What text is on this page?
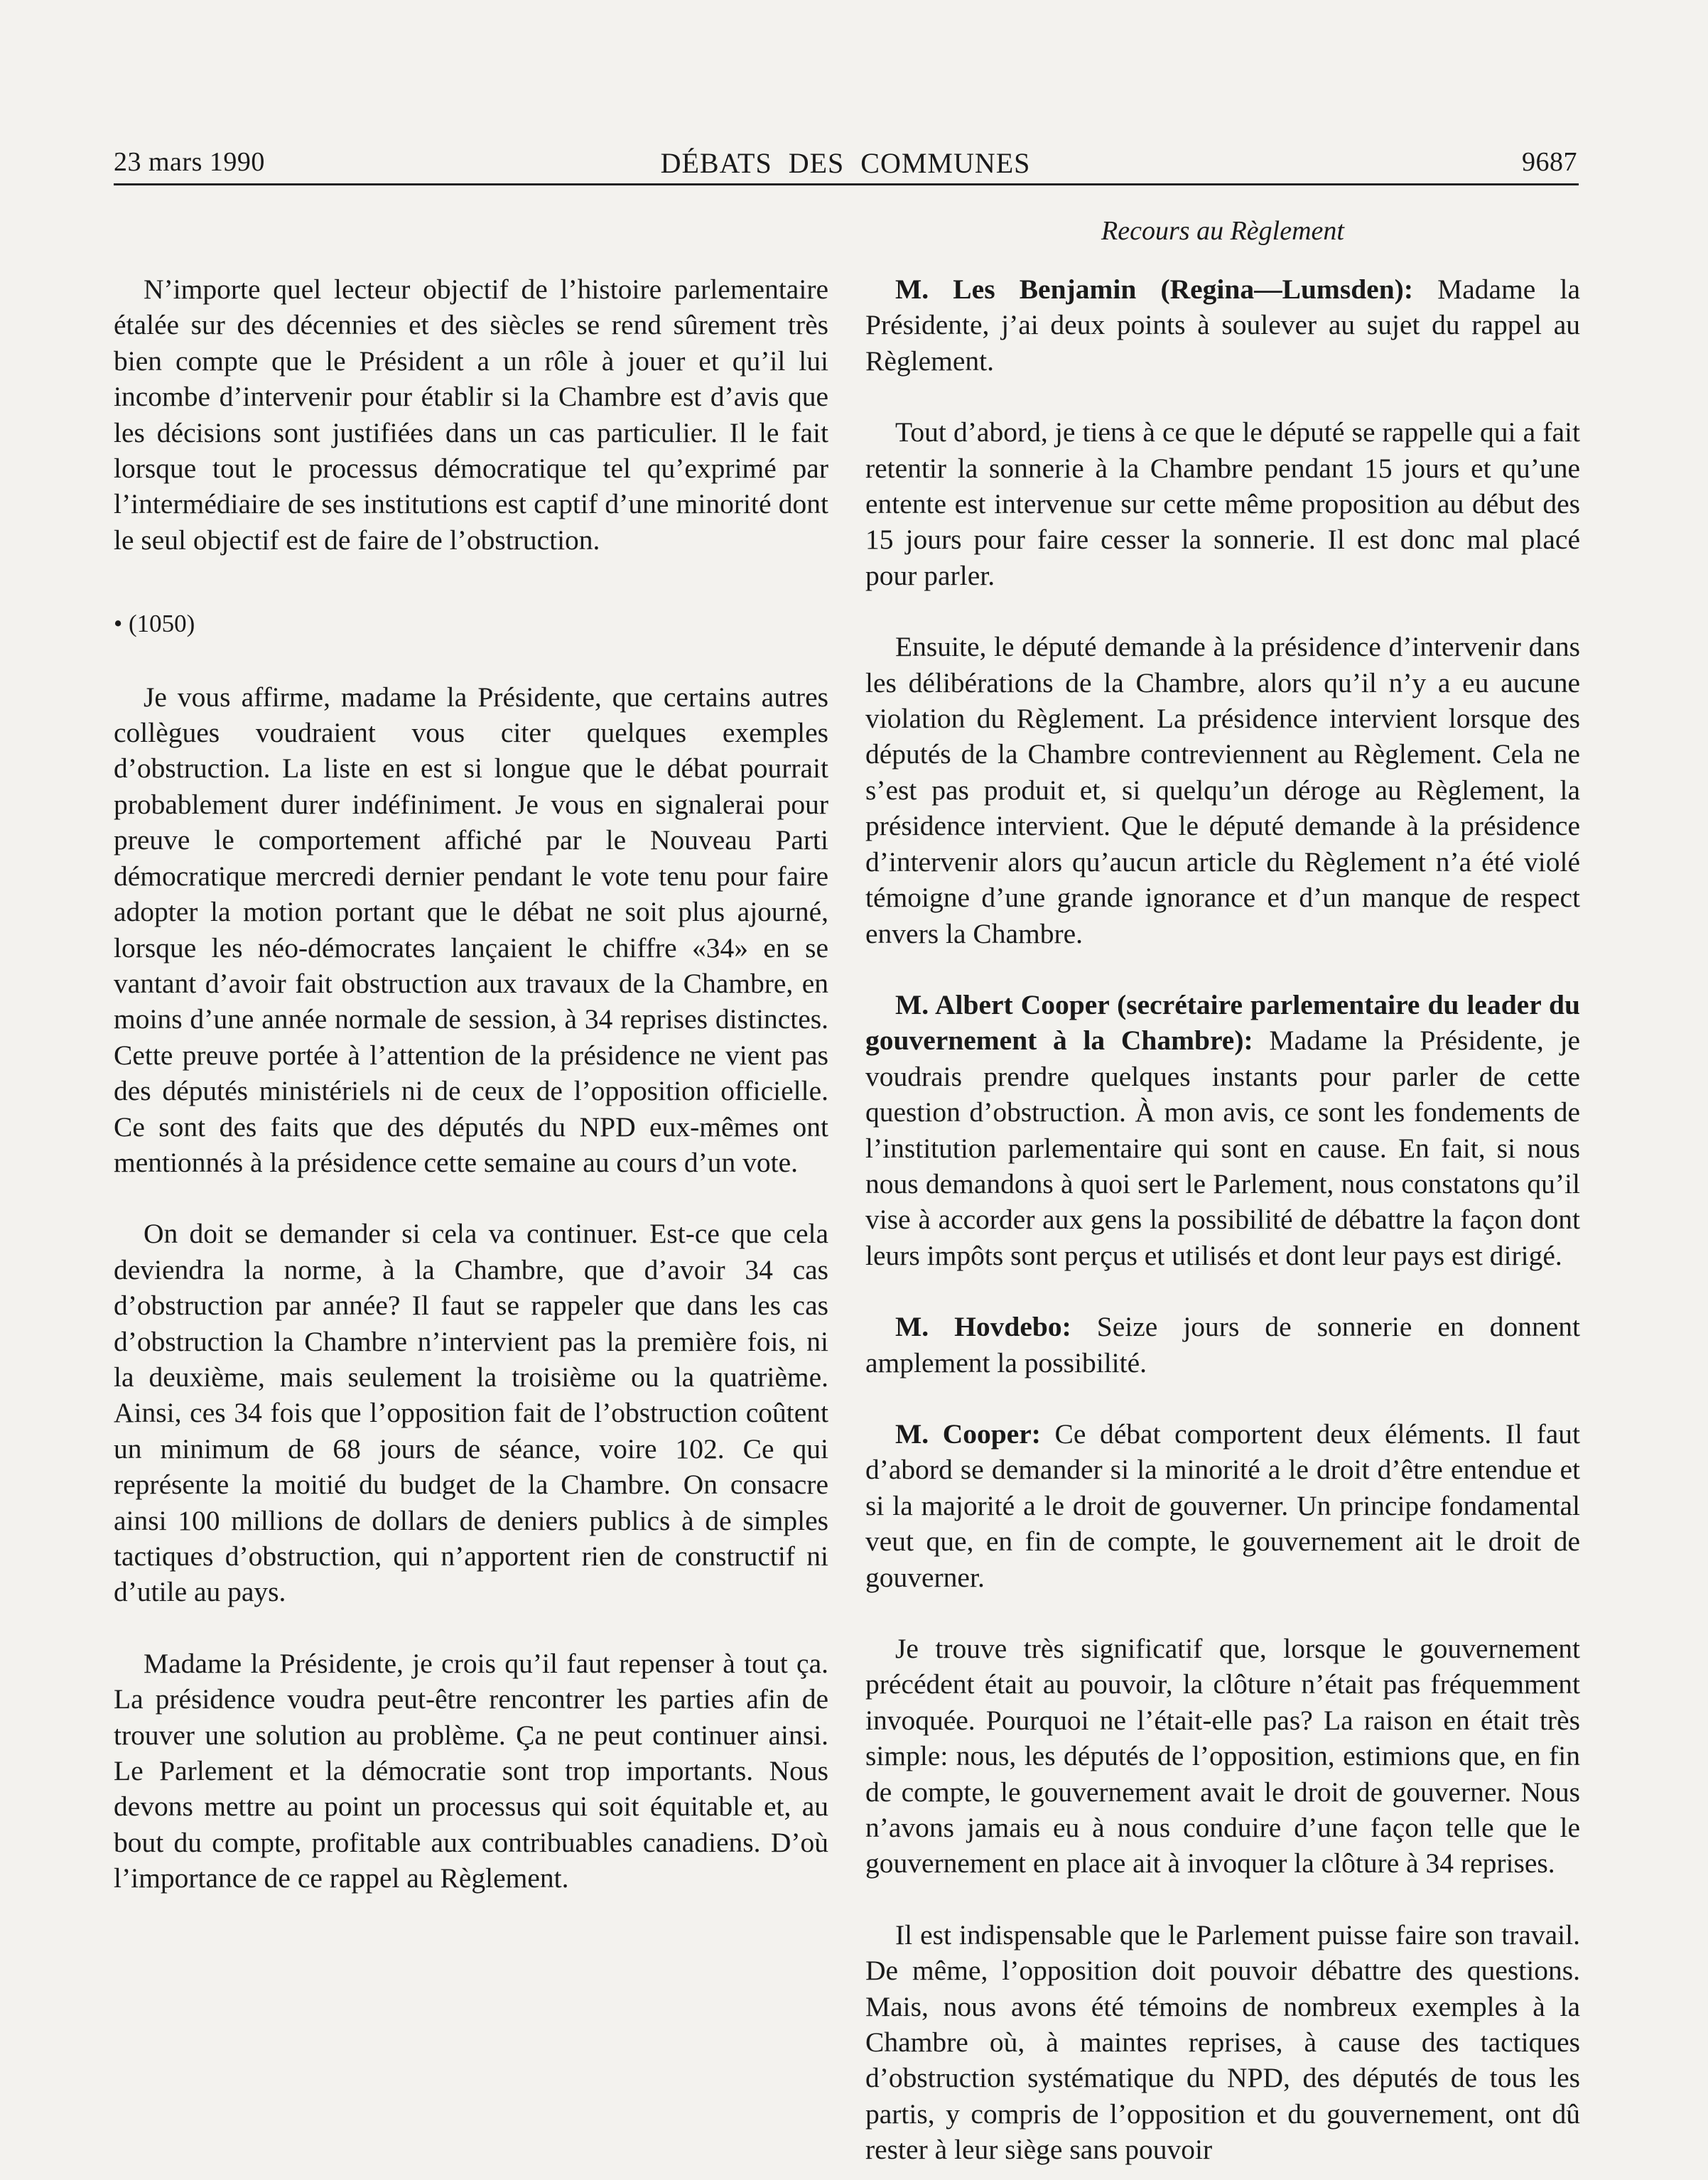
23 mars 1990	DÉBATS DES COMMUNES	9687

N’importe quel lecteur objectif de l’histoire parlementaire étalée sur des décennies et des siècles se rend sûrement très bien compte que le Président a un rôle à jouer et qu’il lui incombe d’intervenir pour établir si la Chambre est d’avis que les décisions sont justifiées dans un cas particulier. Il le fait lorsque tout le processus démocratique tel qu’exprimé par l’intermédiaire de ses institutions est captif d’une minorité dont le seul objectif est de faire de l’obstruction.

• (1050)

Je vous affirme, madame la Présidente, que certains autres collègues voudraient vous citer quelques exemples d’obstruction. La liste en est si longue que le débat pourrait probablement durer indéfiniment. Je vous en signalerai pour preuve le comportement affiché par le Nouveau Parti démocratique mercredi dernier pendant le vote tenu pour faire adopter la motion portant que le débat ne soit plus ajourné, lorsque les néo-démocrates lançaient le chiffre «34» en se vantant d’avoir fait obstruction aux travaux de la Chambre, en moins d’une année normale de session, à 34 reprises distinctes. Cette preuve portée à l’attention de la présidence ne vient pas des députés ministériels ni de ceux de l’opposition officielle. Ce sont des faits que des députés du NPD eux-mêmes ont mentionnés à la présidence cette semaine au cours d’un vote.

On doit se demander si cela va continuer. Est-ce que cela deviendra la norme, à la Chambre, que d’avoir 34 cas d’obstruction par année? Il faut se rappeler que dans les cas d’obstruction la Chambre n’intervient pas la première fois, ni la deuxième, mais seulement la troisième ou la quatrième. Ainsi, ces 34 fois que l’opposition fait de l’obstruction coûtent un minimum de 68 jours de séance, voire 102. Ce qui représente la moitié du budget de la Chambre. On consacre ainsi 100 millions de dollars de deniers publics à de simples tactiques d’obstruction, qui n’apportent rien de constructif ni d’utile au pays.

Madame la Présidente, je crois qu’il faut repenser à tout ça. La présidence voudra peut-être rencontrer les parties afin de trouver une solution au problème. Ça ne peut continuer ainsi. Le Parlement et la démocratie sont trop importants. Nous devons mettre au point un processus qui soit équitable et, au bout du compte, profitable aux contribuables canadiens. D’où l’importance de ce rappel au Règlement.

Recours au Règlement

M. Les Benjamin (Regina—Lumsden): Madame la Présidente, j’ai deux points à soulever au sujet du rappel au Règlement.

Tout d’abord, je tiens à ce que le député se rappelle qui a fait retentir la sonnerie à la Chambre pendant 15 jours et qu’une entente est intervenue sur cette même proposition au début des 15 jours pour faire cesser la sonnerie. Il est donc mal placé pour parler.

Ensuite, le député demande à la présidence d’intervenir dans les délibérations de la Chambre, alors qu’il n’y a eu aucune violation du Règlement. La présidence intervient lorsque des députés de la Chambre contreviennent au Règlement. Cela ne s’est pas produit et, si quelqu’un déroge au Règlement, la présidence intervient. Que le député demande à la présidence d’intervenir alors qu’aucun article du Règlement n’a été violé témoigne d’une grande ignorance et d’un manque de respect envers la Chambre.

M. Albert Cooper (secrétaire parlementaire du leader du gouvernement à la Chambre): Madame la Présidente, je voudrais prendre quelques instants pour parler de cette question d’obstruction. À mon avis, ce sont les fondements de l’institution parlementaire qui sont en cause. En fait, si nous nous demandons à quoi sert le Parlement, nous constatons qu’il vise à accorder aux gens la possibilité de débattre la façon dont leurs impôts sont perçus et utilisés et dont leur pays est dirigé.

M. Hovdebo: Seize jours de sonnerie en donnent amplement la possibilité.

M. Cooper: Ce débat comportent deux éléments. Il faut d’abord se demander si la minorité a le droit d’être entendue et si la majorité a le droit de gouverner. Un principe fondamental veut que, en fin de compte, le gouvernement ait le droit de gouverner.

Je trouve très significatif que, lorsque le gouvernement précédent était au pouvoir, la clôture n’était pas fréquemment invoquée. Pourquoi ne l’était-elle pas? La raison en était très simple: nous, les députés de l’opposition, estimions que, en fin de compte, le gouvernement avait le droit de gouverner. Nous n’avons jamais eu à nous conduire d’une façon telle que le gouvernement en place ait à invoquer la clôture à 34 reprises.

Il est indispensable que le Parlement puisse faire son travail. De même, l’opposition doit pouvoir débattre des questions. Mais, nous avons été témoins de nombreux exemples à la Chambre où, à maintes reprises, à cause des tactiques d’obstruction systématique du NPD, des députés de tous les partis, y compris de l’opposition et du gouvernement, ont dû rester à leur siège sans pouvoir
